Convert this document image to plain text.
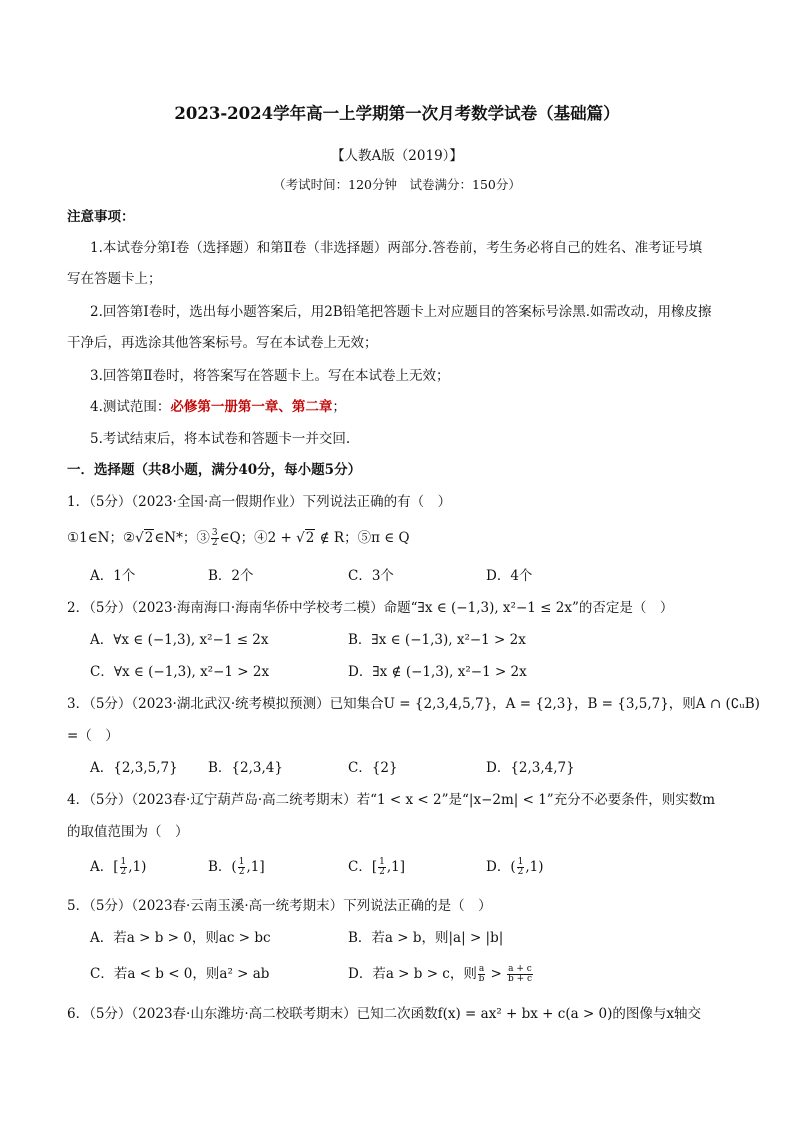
2023-2024学年高一上学期第一次月考数学试卷（基础篇）
【人教A版（2019）】
（考试时间：120分钟　试卷满分：150分）
注意事项：
1.本试卷分第Ⅰ卷（选择题）和第Ⅱ卷（非选择题）两部分.答卷前，考生务必将自己的姓名、准考证号填
写在答题卡上；
2.回答第Ⅰ卷时，选出每小题答案后，用2B铅笔把答题卡上对应题目的答案标号涂黑.如需改动，用橡皮擦
干净后，再选涂其他答案标号。写在本试卷上无效；
3.回答第Ⅱ卷时，将答案写在答题卡上。写在本试卷上无效；
4.测试范围：必修第一册第一章、第二章；
5.考试结束后，将本试卷和答题卡一并交回.
一．选择题（共8小题，满分40分，每小题5分）
1．（5分）（2023·全国·高一假期作业）下列说法正确的有（　）
①1∈N；②√2∈N*；③ $\frac{3}{2}$ ∈Q；④2 + √2 ∉ R；⑤π ∈ Q
A．1个	B．2个	C．3个	D．4个
2．（5分）（2023·海南海口·海南华侨中学校考二模）命题“∃x ∈ (−1,3), x²−1 ≤ 2x”的否定是（　）
A．∀x ∈ (−1,3), x²−1 ≤ 2x	B．∃x ∈ (−1,3), x²−1 > 2x
C．∀x ∈ (−1,3), x²−1 > 2x	D．∃x ∉ (−1,3), x²−1 > 2x
3．（5分）（2023·湖北武汉·统考模拟预测）已知集合U = {2,3,4,5,7}，A = {2,3}，B = {3,5,7}，则A ∩ (∁ᵤB)
=（　）
A．{2,3,5,7} B．{2,3,4}	C．{2}	D．{2,3,4,7}
4．（5分）（2023春·辽宁葫芦岛·高二统考期末）若“1 < x < 2”是“|x−2m| < 1”充分不必要条件，则实数m
的取值范围为（　）
A．[ $\frac{1}{2} ,1$)	B．( $\frac{1}{2} ,1$]	C．[ $\frac{1}{2} ,1$]	D．( $\frac{1}{2} ,1$)
5．（5分）（2023春·云南玉溪·高一统考期末）下列说法正确的是（　）
A．若a > b > 0，则ac > bc	B．若a > b，则|a| > |b|
C．若a < b < 0，则a² > ab	D．若a > b > c，则 $\frac{a}{b} > \frac{a + c}{b + c}$
6．（5分）（2023春·山东潍坊·高二校联考期末）已知二次函数f(x) = ax² + bx + c(a > 0)的图像与x轴交
